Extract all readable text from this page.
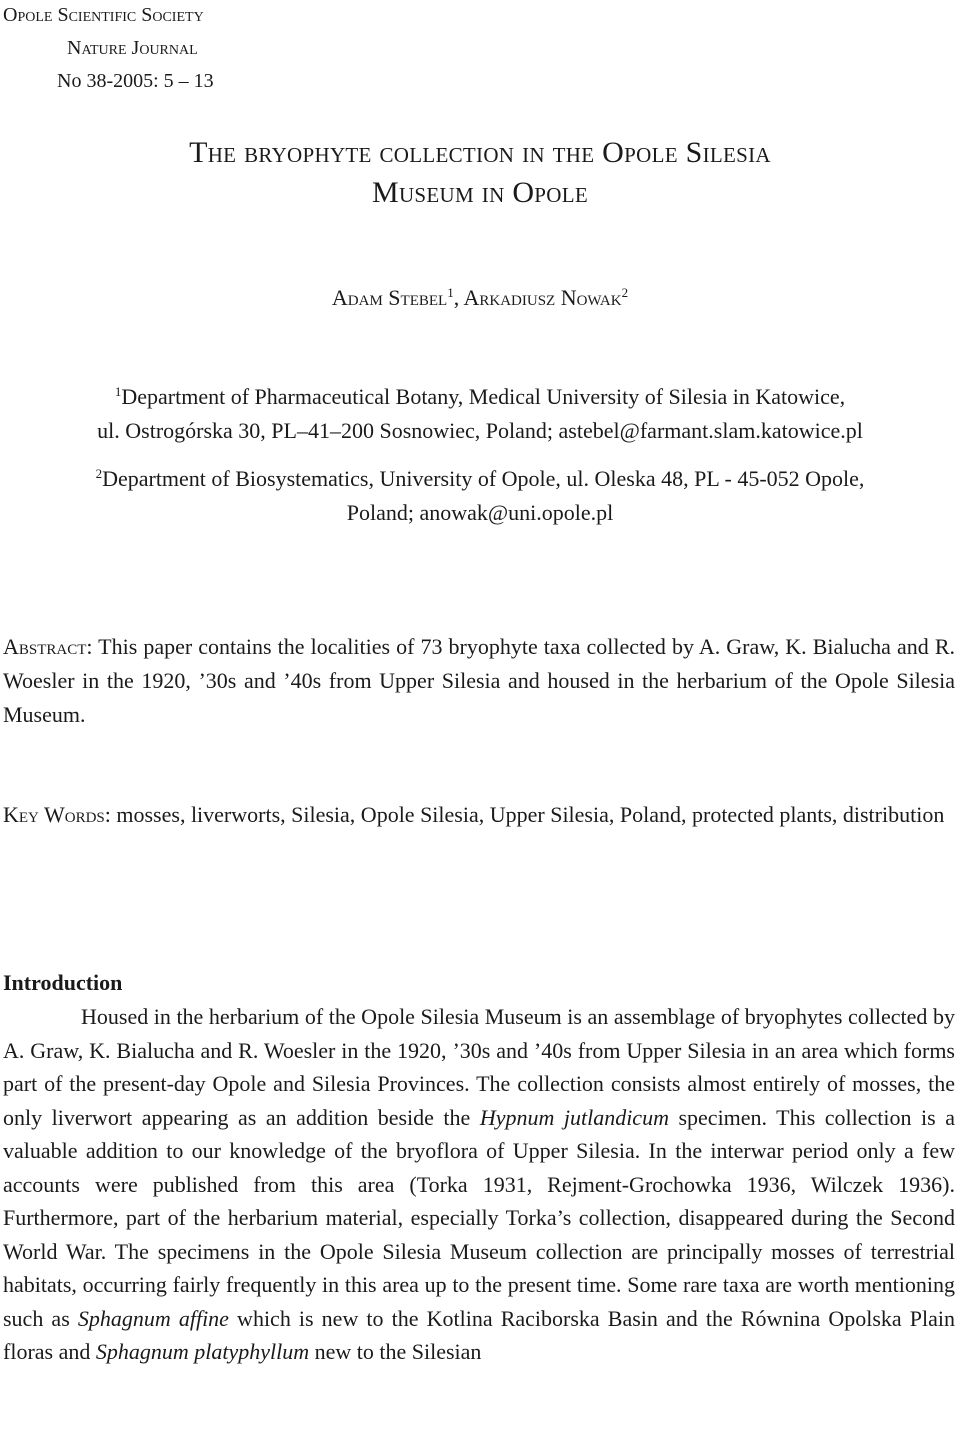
Opole Scientific Society
Nature Journal
No 38-2005: 5 – 13
The bryophyte collection in the Opole Silesia
Museum in Opole
Adam Stebel$^1$, Arkadiusz Nowak$^2$
$^1$Department of Pharmaceutical Botany, Medical University of Silesia in Katowice,
ul. Ostrogórska 30, PL–41–200 Sosnowiec, Poland; astebel@farmant.slam.katowice.pl
$^2$Department of Biosystematics, University of Opole, ul. Oleska 48, PL - 45-052 Opole,
Poland; anowak@uni.opole.pl
Abstract: This paper contains the localities of 73 bryophyte taxa collected by A. Graw, K. Bialucha and R. Woesler in the 1920, ’30s and ’40s from Upper Silesia and housed in the herbarium of the Opole Silesia Museum.
Key Words: mosses, liverworts, Silesia, Opole Silesia, Upper Silesia, Poland, protected plants, distribution
Introduction
Housed in the herbarium of the Opole Silesia Museum is an assemblage of bryophytes collected by A. Graw, K. Bialucha and R. Woesler in the 1920, ’30s and ’40s from Upper Silesia in an area which forms part of the present-day Opole and Silesia Provinces. The collection consists almost entirely of mosses, the only liverwort appearing as an addition beside the Hypnum jutlandicum specimen. This collection is a valuable addition to our knowledge of the bryoflora of Upper Silesia. In the interwar period only a few accounts were published from this area (Torka 1931, Rejment-Grochowka 1936, Wilczek 1936). Furthermore, part of the herbarium material, especially Torka’s collection, disappeared during the Second World War. The specimens in the Opole Silesia Museum collection are principally mosses of terrestrial habitats, occurring fairly frequently in this area up to the present time. Some rare taxa are worth mentioning such as Sphagnum affine which is new to the Kotlina Raciborska Basin and the Równina Opolska Plain floras and Sphagnum platyphyllum new to the Silesian
